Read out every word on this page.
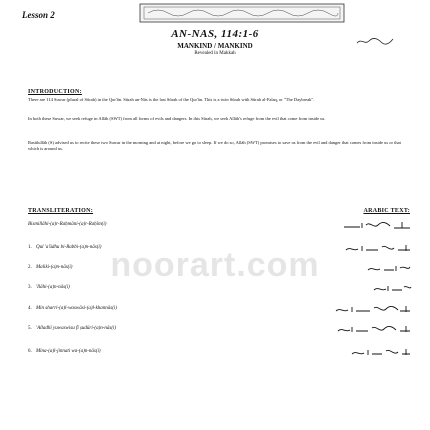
Lesson 2
AN-NAS, 114:1-6
MANKIND / MANKIND
Revealed in Makkah
INTRODUCTION:
There are 114 Suwar (plural of Sūrah) in the Qur'ān. Sūrah an-Nās is the last Sūrah of the Qur'ān. This is a twin Sūrah with Sūrah al-Falaq, or "The Daybreak".
In both these Suwar, we seek refuge in Allāh (SWT) from all forms of evils and dangers. In this Sūrah, we seek Allāh's refuge from the evil that come from inside us.
Rasūlullāh (S) advised us to recite these two Suwar in the morning and at night, before we go to sleep. If we do so, Allāh (SWT) promises to save us from the evil and danger that comes from inside us or that which is around us.
noorart.com
TRANSLITERATION:	ARABIC TEXT:
Bismillāhi-(a)r-Raḥmāni-(a)r-Raḥīm(i)
1. Qul 'a'ūdhu bi-Rabbi-(a)n-nās(i)
2. Maliki-(a)n-nās(i)
3. 'Ilāhi-(a)n-nās(i)
4. Min sharri-(a)l-waswāsi-(a)l-khannās(i)
5. 'Alladhī yuwaswisu fī ṣudūri-(a)n-nās(i)
6. Mina-(a)l-jinnati wa-(a)n-nās(i)
